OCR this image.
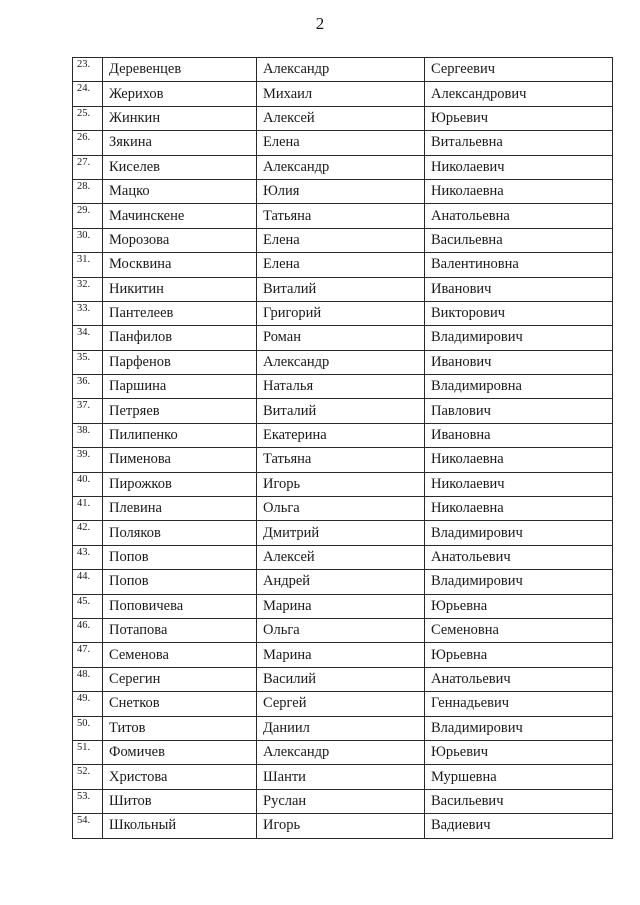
2
23.	Деревенцев	Александр	Сергеевич
24.	Жерихов	Михаил	Александрович
25.	Жинкин	Алексей	Юрьевич
26.	Зякина	Елена	Витальевна
27.	Киселев	Александр	Николаевич
28.	Мацко	Юлия	Николаевна
29.	Мачинскене	Татьяна	Анатольевна
30.	Морозова	Елена	Васильевна
31.	Москвина	Елена	Валентиновна
32.	Никитин	Виталий	Иванович
33.	Пантелеев	Григорий	Викторович
34.	Панфилов	Роман	Владимирович
35.	Парфенов	Александр	Иванович
36.	Паршина	Наталья	Владимировна
37.	Петряев	Виталий	Павлович
38.	Пилипенко	Екатерина	Ивановна
39.	Пименова	Татьяна	Николаевна
40.	Пирожков	Игорь	Николаевич
41.	Плевина	Ольга	Николаевна
42.	Поляков	Дмитрий	Владимирович
43.	Попов	Алексей	Анатольевич
44.	Попов	Андрей	Владимирович
45.	Поповичева	Марина	Юрьевна
46.	Потапова	Ольга	Семеновна
47.	Семенова	Марина	Юрьевна
48.	Серегин	Василий	Анатольевич
49.	Снетков	Сергей	Геннадьевич
50.	Титов	Даниил	Владимирович
51.	Фомичев	Александр	Юрьевич
52.	Христова	Шанти	Муршевна
53.	Шитов	Руслан	Васильевич
54.	Школьный	Игорь	Вадиевич
